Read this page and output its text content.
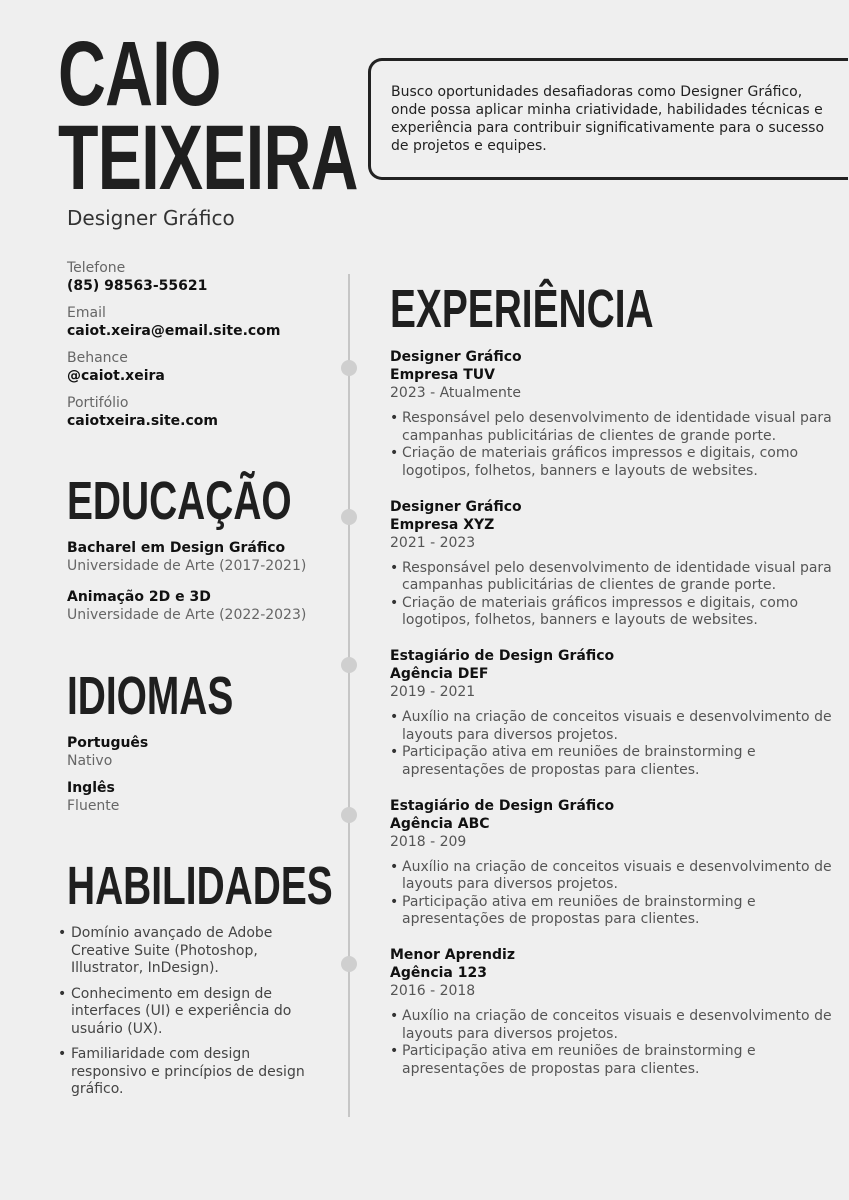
CAIO
TEIXEIRA
Designer Gráfico
Busco oportunidades desafiadoras como Designer Gráfico, onde possa aplicar minha criatividade, habilidades técnicas e experiência para contribuir significativamente para o sucesso de projetos e equipes.
Telefone
(85) 98563-55621
Email
caiot.xeira@email.site.com
Behance
@caiot.xeira
Portifólio
caiotxeira.site.com
EDUCAÇÃO
Bacharel em Design Gráfico
Universidade de Arte (2017-2021)
Animação 2D e 3D
Universidade de Arte (2022-2023)
IDIOMAS
Português
Nativo
Inglês
Fluente
HABILIDADES
• Domínio avançado de Adobe Creative Suite (Photoshop, Illustrator, InDesign).
• Conhecimento em design de interfaces (UI) e experiência do usuário (UX).
• Familiaridade com design responsivo e princípios de design gráfico.
EXPERIÊNCIA
Designer Gráfico
Empresa TUV
2023 - Atualmente
• Responsável pelo desenvolvimento de identidade visual para campanhas publicitárias de clientes de grande porte.
• Criação de materiais gráficos impressos e digitais, como logotipos, folhetos, banners e layouts de websites.
Designer Gráfico
Empresa XYZ
2021 - 2023
• Responsável pelo desenvolvimento de identidade visual para campanhas publicitárias de clientes de grande porte.
• Criação de materiais gráficos impressos e digitais, como logotipos, folhetos, banners e layouts de websites.
Estagiário de Design Gráfico
Agência DEF
2019 - 2021
• Auxílio na criação de conceitos visuais e desenvolvimento de layouts para diversos projetos.
• Participação ativa em reuniões de brainstorming e apresentações de propostas para clientes.
Estagiário de Design Gráfico
Agência ABC
2018 - 209
• Auxílio na criação de conceitos visuais e desenvolvimento de layouts para diversos projetos.
• Participação ativa em reuniões de brainstorming e apresentações de propostas para clientes.
Menor Aprendiz
Agência 123
2016 - 2018
• Auxílio na criação de conceitos visuais e desenvolvimento de layouts para diversos projetos.
• Participação ativa em reuniões de brainstorming e apresentações de propostas para clientes.
